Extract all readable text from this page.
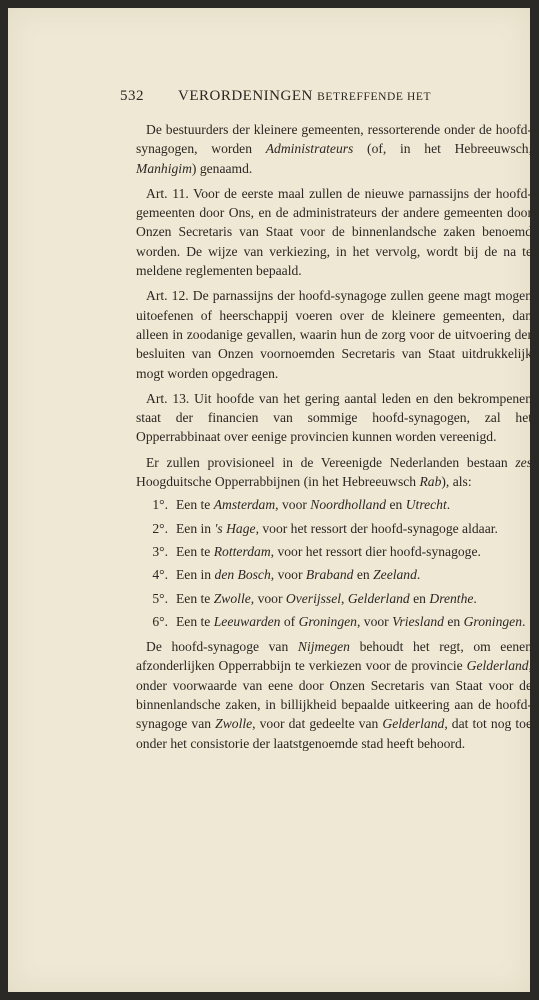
532 VERORDENINGEN BETREFFENDE HET

De bestuurders der kleinere gemeenten, ressorterende onder de hoofd-synagogen, worden Administrateurs (of, in het Hebreeuwsch, Manhigim) genaamd.

Art. 11. Voor de eerste maal zullen de nieuwe parnassijns der hoofd-gemeenten door Ons, en de administrateurs der andere gemeenten door Onzen Secretaris van Staat voor de binnenlandsche zaken benoemd worden. De wijze van verkiezing, in het vervolg, wordt bij de na te meldene reglementen bepaald.

Art. 12. De parnassijns der hoofd-synagoge zullen geene magt mogen uitoefenen of heerschappij voeren over de kleinere gemeenten, dan alleen in zoodanige gevallen, waarin hun de zorg voor de uitvoering der besluiten van Onzen voornoemden Secretaris van Staat uitdrukkelijk mogt worden opgedragen.

Art. 13. Uit hoofde van het gering aantal leden en den bekrompenen staat der financien van sommige hoofd-synagogen, zal het Opperrabbinaat over eenige provincien kunnen worden vereenigd.

Er zullen provisioneel in de Vereenigde Nederlanden bestaan zes Hoogduitsche Opperrabbijnen (in het Hebreeuwsch Rab), als:

1°. Een te Amsterdam, voor Noordholland en Utrecht.
2°. Een in 's Hage, voor het ressort der hoofd-synagoge aldaar.
3°. Een te Rotterdam, voor het ressort dier hoofd-synagoge.
4°. Een in den Bosch, voor Braband en Zeeland.
5°. Een te Zwolle, voor Overijssel, Gelderland en Drenthe.
6°. Een te Leeuwarden of Groningen, voor Vriesland en Groningen.

De hoofd-synagoge van Nijmegen behoudt het regt, om eenen afzonderlijken Opperrabbijn te verkiezen voor de provincie Gelderland, onder voorwaarde van eene door Onzen Secretaris van Staat voor de binnenlandsche zaken, in billijkheid bepaalde uitkeering aan de hoofd-synagoge van Zwolle, voor dat gedeelte van Gelderland, dat tot nog toe onder het consistorie der laatstgenoemde stad heeft behoord.
